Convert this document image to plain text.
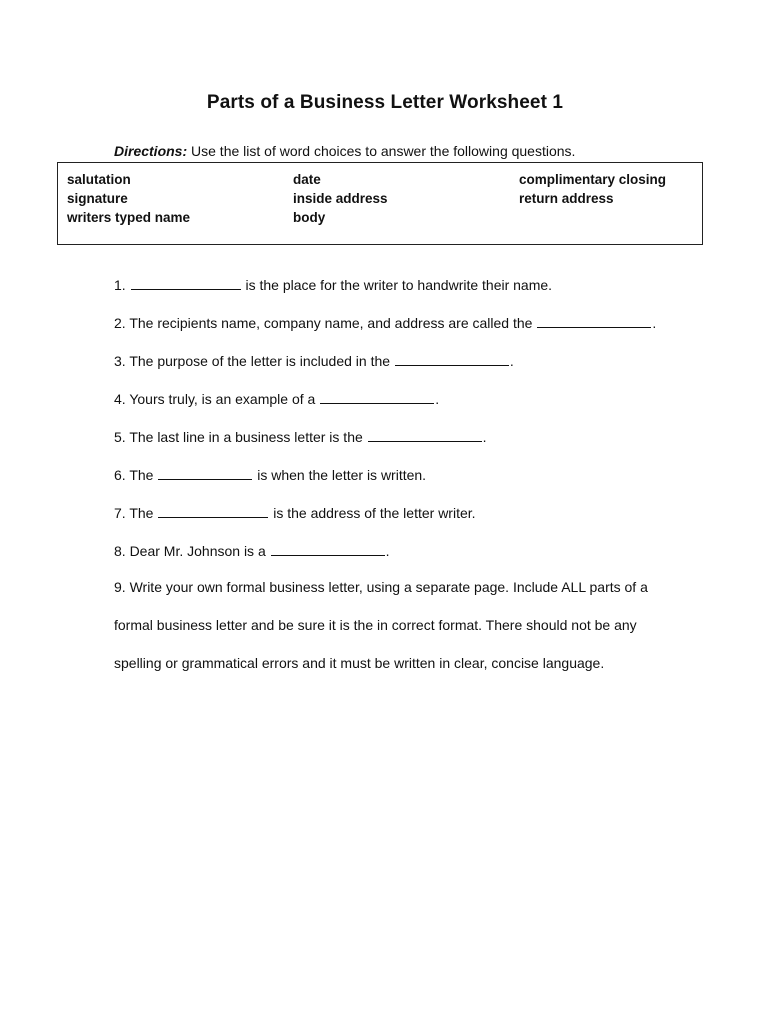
Parts of a Business Letter Worksheet 1
Directions: Use the list of word choices to answer the following questions.
salutation
signature
writers typed name
date
inside address
body
complimentary closing
return address
1.	is the place for the writer to handwrite their name.
2. The recipients name, company name, and address are called the	.
3. The purpose of the letter is included in the	.
4. Yours truly, is an example of a	.
5. The last line in a business letter is the	.
6. The	is when the letter is written.
7. The	is the address of the letter writer.
8. Dear Mr. Johnson is a	.
9. Write your own formal business letter, using a separate page. Include ALL parts of a
formal business letter and be sure it is the in correct format. There should not be any
spelling or grammatical errors and it must be written in clear, concise language.
